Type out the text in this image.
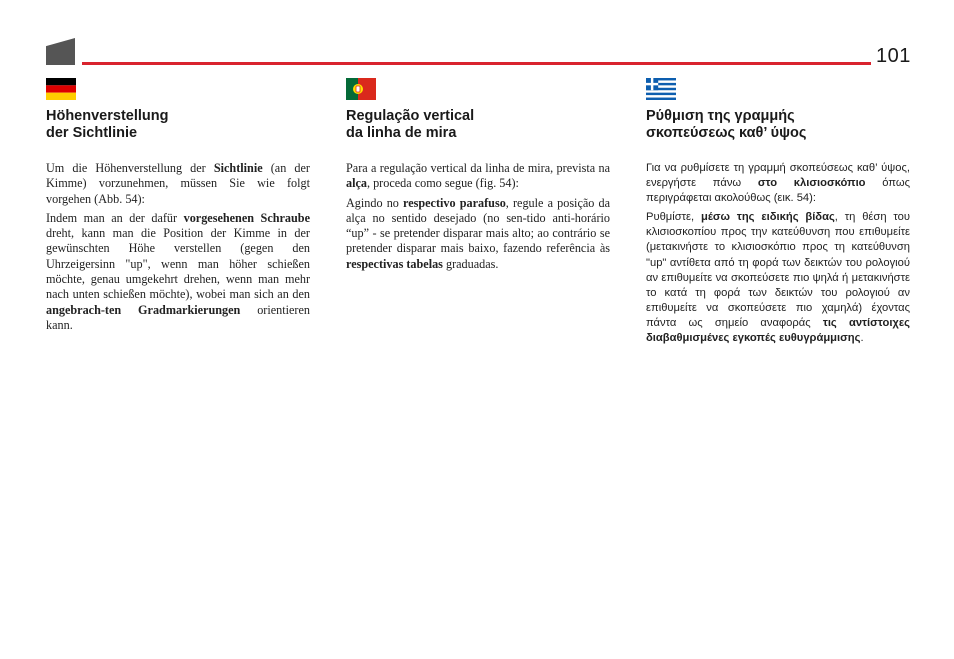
101
Höhenverstellung
der Sichtlinie

Um die Höhenverstellung der Sichtlinie (an der Kimme) vorzunehmen, müssen Sie wie folgt vorgehen (Abb. 54):

Indem man an der dafür vorgesehenen Schraube dreht, kann man die Position der Kimme in der gewünschten Höhe verstellen (gegen den Uhrzeigersinn "up", wenn man höher schießen möchte, genau umgekehrt drehen, wenn man mehr nach unten schießen möchte), wobei man sich an den angebrach-ten Gradmarkierungen orientieren kann.

Regulação vertical
da linha de mira

Para a regulação vertical da linha de mira, prevista na alça, proceda como segue (fig. 54):

Agindo no respectivo parafuso, regule a posição da alça no sentido desejado (no sen-tido anti-horário “up” - se pretender disparar mais alto; ao contrário se pretender disparar mais baixo, fazendo referência às respectivas tabelas graduadas.

Ρύθμιση της γραμμής
σκοπεύσεως καθ’ ύψος

Για να ρυθμίσετε τη γραμμή σκοπεύσεως καθ’ ύψος, ενεργήστε πάνω στο κλισιοσκόπιο όπως περιγράφεται ακολούθως (εικ. 54):

Ρυθμίστε, μέσω της ειδικής βίδας, τη θέση του κλισιοσκοπίου προς την κατεύθυνση που επιθυμείτε (μετακινήστε το κλισιοσκόπιο προς τη κατεύθυνση "up" αντίθετα από τη φορά των δεικτών του ρολογιού αν επιθυμείτε να σκοπεύσετε πιο ψηλά ή μετακινήστε το κατά τη φορά των δεικτών του ρολογιού αν επιθυμείτε να σκοπεύσετε πιο χαμηλά) έχοντας πάντα ως σημείο αναφοράς τις αντίστοιχες διαβαθμισμένες εγκοπές ευθυγράμμισης.
